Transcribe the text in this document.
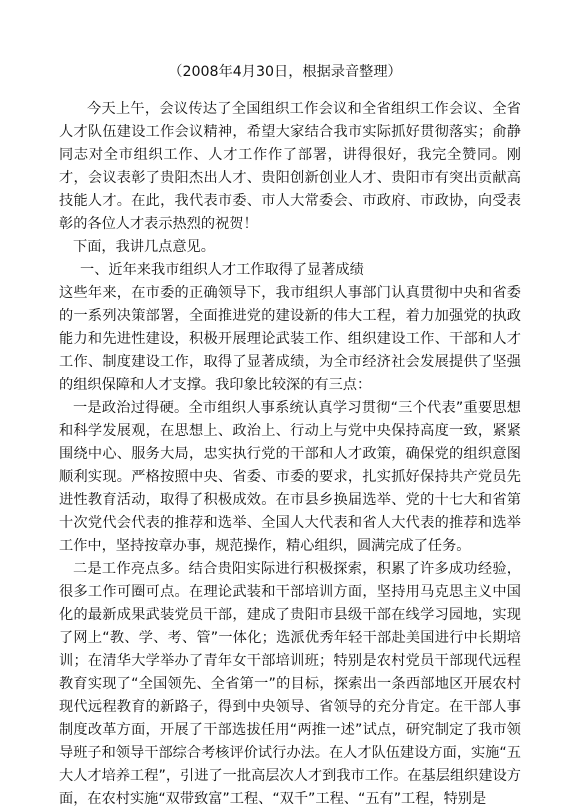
（2008年4月30日，根据录音整理）

今天上午，会议传达了全国组织工作会议和全省组织工作会议、全省人才队伍建设工作会议精神，希望大家结合我市实际抓好贯彻落实；俞静同志对全市组织工作、人才工作作了部署，讲得很好，我完全赞同。刚才，会议表彰了贵阳杰出人才、贵阳创新创业人才、贵阳市有突出贡献高技能人才。在此，我代表市委、市人大常委会、市政府、市政协，向受表彰的各位人才表示热烈的祝贺！

下面，我讲几点意见。

一、近年来我市组织人才工作取得了显著成绩

这些年来，在市委的正确领导下，我市组织人事部门认真贯彻中央和省委的一系列决策部署，全面推进党的建设新的伟大工程，着力加强党的执政能力和先进性建设，积极开展理论武装工作、组织建设工作、干部和人才工作、制度建设工作，取得了显著成绩，为全市经济社会发展提供了坚强的组织保障和人才支撑。我印象比较深的有三点：

一是政治过得硬。全市组织人事系统认真学习贯彻“三个代表”重要思想和科学发展观，在思想上、政治上、行动上与党中央保持高度一致，紧紧围绕中心、服务大局，忠实执行党的干部和人才政策，确保党的组织意图顺利实现。严格按照中央、省委、市委的要求，扎实抓好保持共产党员先进性教育活动，取得了积极成效。在市县乡换届选举、党的十七大和省第十次党代会代表的推荐和选举、全国人大代表和省人大代表的推荐和选举工作中，坚持按章办事，规范操作，精心组织，圆满完成了任务。

二是工作亮点多。结合贵阳实际进行积极探索，积累了许多成功经验，很多工作可圈可点。在理论武装和干部培训方面，坚持用马克思主义中国化的最新成果武装党员干部，建成了贵阳市县级干部在线学习园地，实现了网上“教、学、考、管”一体化；选派优秀年轻干部赴美国进行中长期培训；在清华大学举办了青年女干部培训班；特别是农村党员干部现代远程教育实现了“全国领先、全省第一”的目标，探索出一条西部地区开展农村现代远程教育的新路子，得到中央领导、省领导的充分肯定。在干部人事制度改革方面，开展了干部选拔任用“两推一述”试点，研究制定了我市领导班子和领导干部综合考核评价试行办法。在人才队伍建设方面，实施“五大人才培养工程”，引进了一批高层次人才到我市工作。在基层组织建设方面，在农村实施“双带致富”工程、“双千”工程、“五有”工程，特别是
